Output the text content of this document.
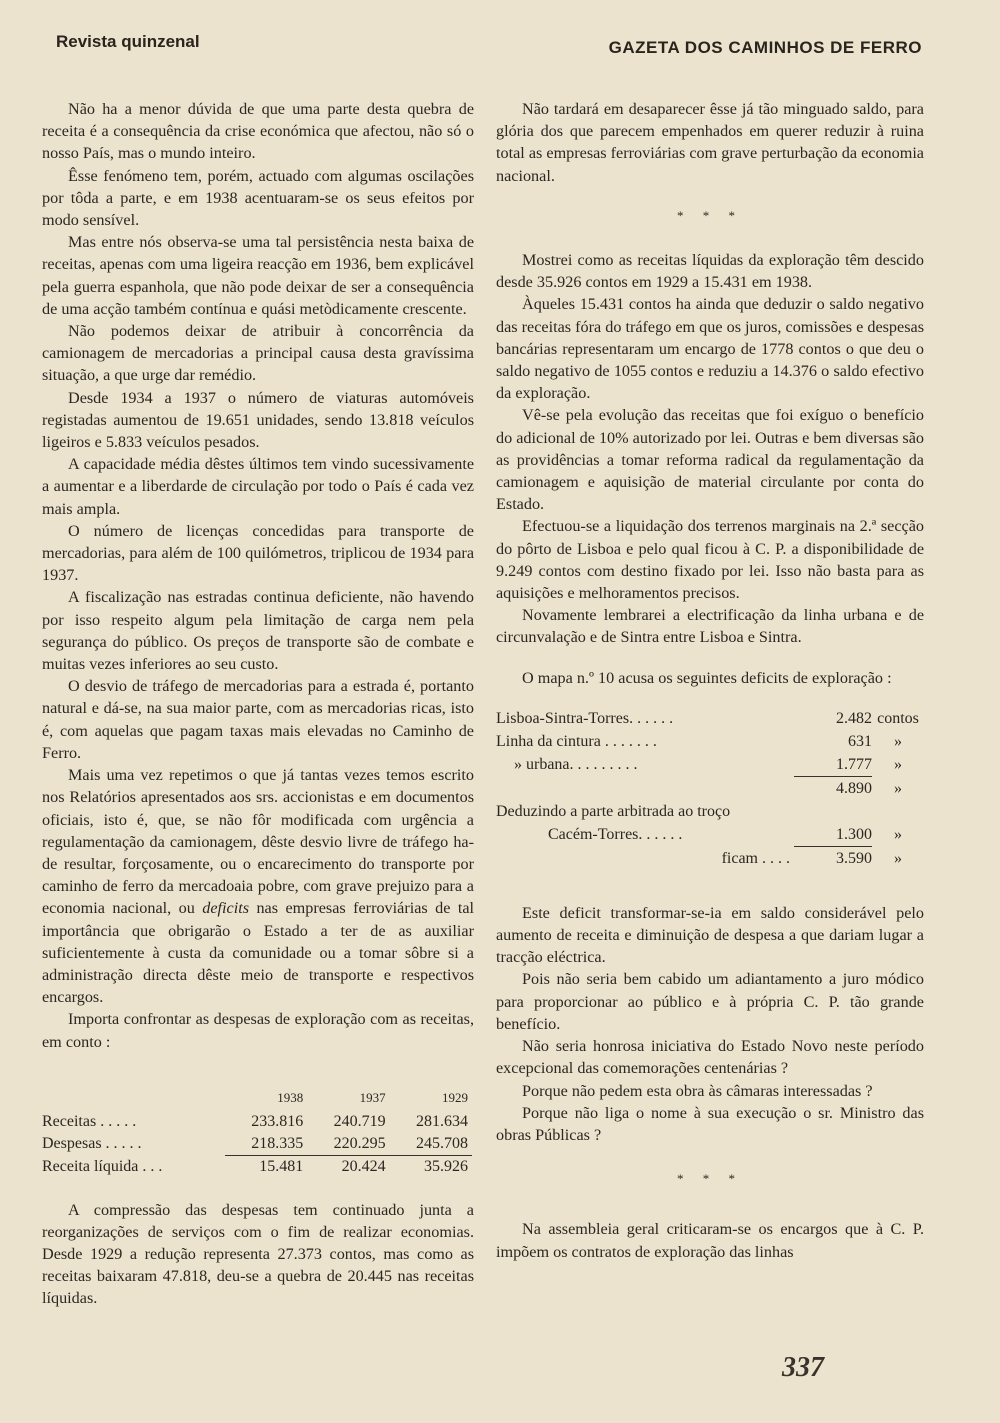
Revista quinzenal	GAZETA DOS CAMINHOS DE FERRO

Não ha a menor dúvida de que uma parte desta quebra de receita é a consequência da crise económica que afectou, não só o nosso País, mas o mundo inteiro.

Êsse fenómeno tem, porém, actuado com algumas oscilações por tôda a parte, e em 1938 acentuaram-se os seus efeitos por modo sensível.

Mas entre nós observa-se uma tal persistência nesta baixa de receitas, apenas com uma ligeira reacção em 1936, bem explicável pela guerra espanhola, que não pode deixar de ser a consequência de uma acção também contínua e quási metòdicamente crescente.

Não podemos deixar de atribuir à concorrência da camionagem de mercadorias a principal causa desta gravíssima situação, a que urge dar remédio.

Desde 1934 a 1937 o número de viaturas automóveis registadas aumentou de 19.651 unidades, sendo 13.818 veículos ligeiros e 5.833 veículos pesados.

A capacidade média dêstes últimos tem vindo sucessivamente a aumentar e a liberdarde de circulação por todo o País é cada vez mais ampla.

O número de licenças concedidas para transporte de mercadorias, para além de 100 quilómetros, triplicou de 1934 para 1937.

A fiscalização nas estradas continua deficiente, não havendo por isso respeito algum pela limitação de carga nem pela segurança do público. Os preços de transporte são de combate e muitas vezes inferiores ao seu custo.

O desvio de tráfego de mercadorias para a estrada é, portanto natural e dá-se, na sua maior parte, com as mercadorias ricas, isto é, com aquelas que pagam taxas mais elevadas no Caminho de Ferro.

Mais uma vez repetimos o que já tantas vezes temos escrito nos Relatórios apresentados aos srs. accionistas e em documentos oficiais, isto é, que, se não fôr modificada com urgência a regulamentação da camionagem, dêste desvio livre de tráfego ha-de resultar, forçosamente, ou o encarecimento do transporte por caminho de ferro da mercadoaia pobre, com grave prejuizo para a economia nacional, ou deficits nas empresas ferroviárias de tal importância que obrigarão o Estado a ter de as auxiliar suficientemente à custa da comunidade ou a tomar sôbre si a administração directa dêste meio de transporte e respectivos encargos.

Importa confrontar as despesas de exploração com as receitas, em conto :

	1938	1937	1929
Receitas . . . . .	233.816	240.719	281.634
Despesas . . . . .	218.335	220.295	245.708
Receita líquida . . .	15.481	20.424	35.926

A compressão das despesas tem continuado junta a reorganizações de serviços com o fim de realizar economias. Desde 1929 a redução representa 27.373 contos, mas como as receitas baixaram 47.818, deu-se a quebra de 20.445 nas receitas líquidas.

Não tardará em desaparecer êsse já tão minguado saldo, para glória dos que parecem empenhados em querer reduzir à ruina total as empresas ferroviárias com grave perturbação da economia nacional.

* * *

Mostrei como as receitas líquidas da exploração têm descido desde 35.926 contos em 1929 a 15.431 em 1938.

Àqueles 15.431 contos ha ainda que deduzir o saldo negativo das receitas fóra do tráfego em que os juros, comissões e despesas bancárias representaram um encargo de 1778 contos o que deu o saldo negativo de 1055 contos e reduziu a 14.376 o saldo efectivo da exploração.

Vê-se pela evolução das receitas que foi exíguo o benefício do adicional de 10% autorizado por lei. Outras e bem diversas são as providências a tomar reforma radical da regulamentação da camionagem e aquisição de material circulante por conta do Estado.

Efectuou-se a liquidação dos terrenos marginais na 2.ª secção do pôrto de Lisboa e pelo qual ficou à C. P. a disponibilidade de 9.249 contos com destino fixado por lei. Isso não basta para as aquisições e melhoramentos precisos.

Novamente lembrarei a electrificação da linha urbana e de circunvalação e de Sintra entre Lisboa e Sintra.

O mapa n.º 10 acusa os seguintes deficits de exploração :

Lisboa-Sintra-Torres. . . . . .	2.482 contos
Linha da cintura . . . . . . .	631	»
» urbana. . . . . . . . .	1.777	»
4.890	»
Deduzindo a parte arbitrada ao troço
Cacém-Torres. . . . . .	1.300	»
ficam . . . .	3.590	»

Este deficit transformar-se-ia em saldo considerável pelo aumento de receita e diminuição de despesa a que dariam lugar a tracção eléctrica.

Pois não seria bem cabido um adiantamento a juro módico para proporcionar ao público e à própria C. P. tão grande benefício.

Não seria honrosa iniciativa do Estado Novo neste período excepcional das comemorações centenárias ?

Porque não pedem esta obra às câmaras interessadas ?

Porque não liga o nome à sua execução o sr. Ministro das obras Públicas ?

* * *

Na assembleia geral criticaram-se os encargos que à C. P. impõem os contratos de exploração das linhas

337
